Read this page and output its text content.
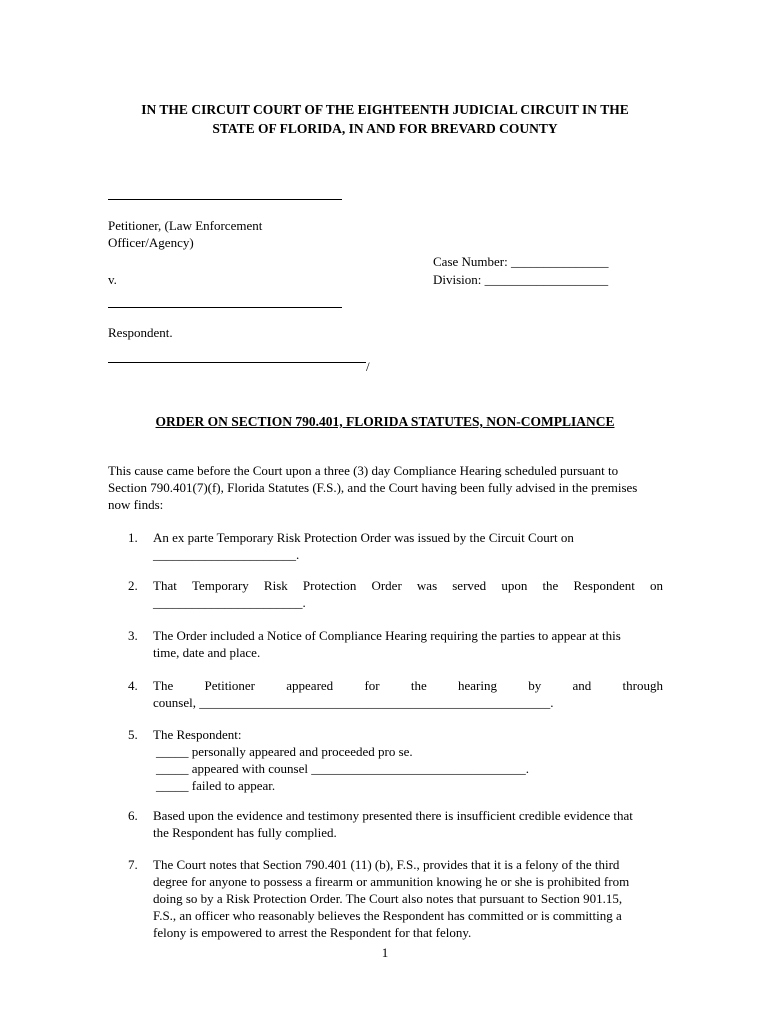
IN THE CIRCUIT COURT OF THE EIGHTEENTH JUDICIAL CIRCUIT IN THE
STATE OF FLORIDA, IN AND FOR BREVARD COUNTY
Petitioner, (Law Enforcement
Officer/Agency)
Case Number: _______________
v.	Division: ___________________
Respondent.
/
ORDER ON SECTION 790.401, FLORIDA STATUTES, NON-COMPLIANCE
This cause came before the Court upon a three (3) day Compliance Hearing scheduled pursuant to
Section 790.401(7)(f), Florida Statutes (F.S.), and the Court having been fully advised in the premises
now finds:
1.	An ex parte Temporary Risk Protection Order was issued by the Circuit Court on
______________________.
2.	That Temporary Risk Protection Order was served upon the Respondent on
_______________________.
3.	The Order included a Notice of Compliance Hearing requiring the parties to appear at this
time, date and place.
4.	The Petitioner appeared for the hearing by and through
counsel, ______________________________________________________.
5.	The Respondent:
_____ personally appeared and proceeded pro se.
_____ appeared with counsel _________________________________.
_____ failed to appear.
6.	Based upon the evidence and testimony presented there is insufficient credible evidence that
the Respondent has fully complied.
7.	The Court notes that Section 790.401 (11) (b), F.S., provides that it is a felony of the third
degree for anyone to possess a firearm or ammunition knowing he or she is prohibited from
doing so by a Risk Protection Order. The Court also notes that pursuant to Section 901.15,
F.S., an officer who reasonably believes the Respondent has committed or is committing a
felony is empowered to arrest the Respondent for that felony.
1
